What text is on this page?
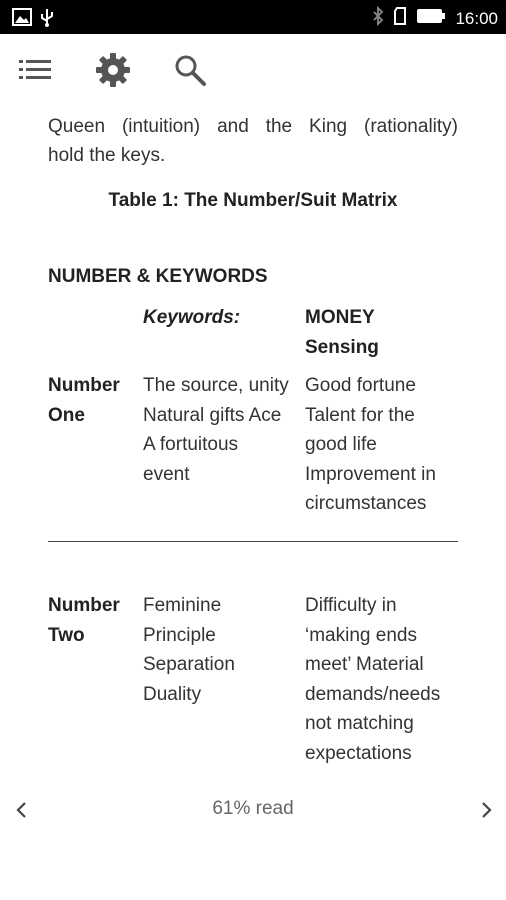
16:00
Queen (intuition) and the King (rationality)
hold the keys.
Table 1: The Number/Suit Matrix
NUMBER & KEYWORDS
Keywords:	MONEY
Sensing
Number
One
The source, unity
Natural gifts Ace
A fortuitous
event
Good fortune
Talent for the
good life
Improvement in
circumstances
Number
Two
Feminine
Principle
Separation
Duality
Difficulty in
‘making ends
meet’ Material
demands/needs
not matching
expectations
61% read
